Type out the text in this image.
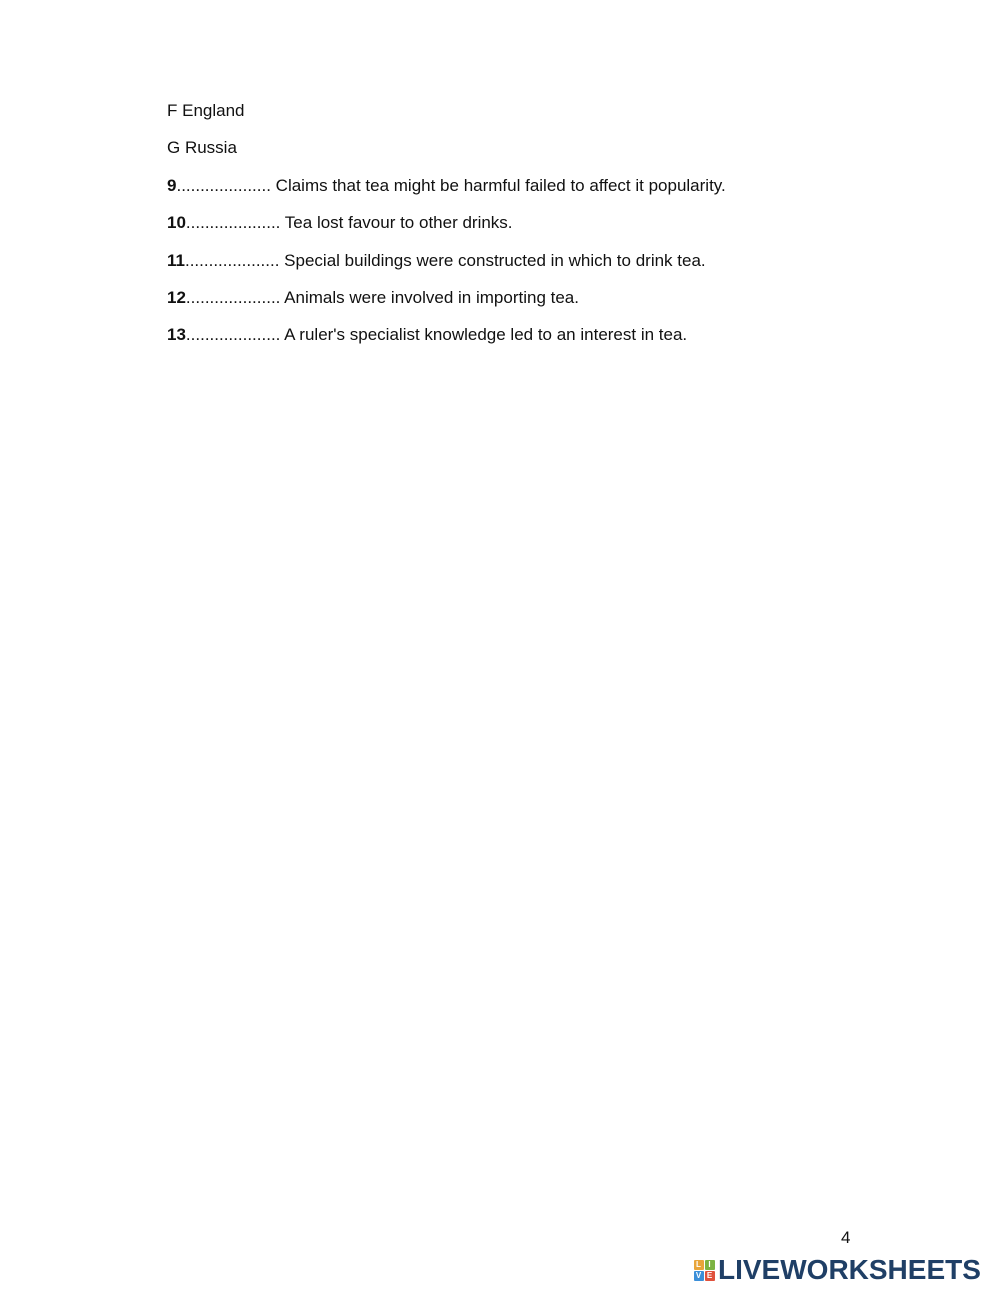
F England
G Russia
9.................... Claims that tea might be harmful failed to affect it popularity.
10.................... Tea lost favour to other drinks.
11.................... Special buildings were constructed in which to drink tea.
12.................... Animals were involved in importing tea.
13.................... A ruler's specialist knowledge led to an interest in tea.
4
L I
V E LIVEWORKSHEETS
